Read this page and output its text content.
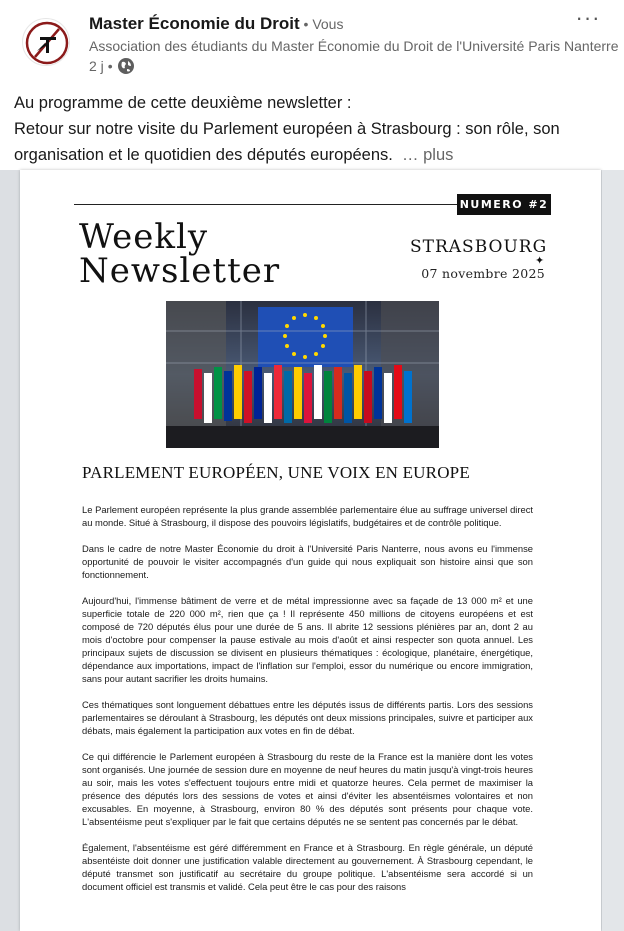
Master Économie du Droit • Vous
Association des étudiants du Master Économie du Droit de l'Université Paris Nanterre
2 j •
···
Au programme de cette deuxième newsletter :
Retour sur notre visite du Parlement européen à Strasbourg : son rôle, son organisation et le quotidien des députés européens. … plus
NUMERO #2
Weekly
Newsletter
STRASBOURG
✦
07 novembre 2025
PARLEMENT EUROPÉEN, UNE VOIX EN EUROPE

Le Parlement européen représente la plus grande assemblée parlementaire élue au suffrage universel direct au monde. Situé à Strasbourg, il dispose des pouvoirs législatifs, budgétaires et de contrôle politique.

Dans le cadre de notre Master Économie du droit à l'Université Paris Nanterre, nous avons eu l'immense opportunité de pouvoir le visiter accompagnés d'un guide qui nous expliquait son histoire ainsi que son fonctionnement.

Aujourd'hui, l'immense bâtiment de verre et de métal impressionne avec sa façade de 13 000 m² et une superficie totale de 220 000 m², rien que ça ! Il représente 450 millions de citoyens européens et est composé de 720 députés élus pour une durée de 5 ans. Il abrite 12 sessions plénières par an, dont 2 au mois d'octobre pour compenser la pause estivale au mois d'août et ainsi respecter son quota annuel. Les principaux sujets de discussion se divisent en plusieurs thématiques : écologique, planétaire, énergétique, dépendance aux importations, impact de l'inflation sur l'emploi, essor du numérique ou encore immigration, sans pour autant sacrifier les droits humains.

Ces thématiques sont longuement débattues entre les députés issus de différents partis. Lors des sessions parlementaires se déroulant à Strasbourg, les députés ont deux missions principales, suivre et participer aux débats, mais également la participation aux votes en fin de débat.

Ce qui différencie le Parlement européen à Strasbourg du reste de la France est la manière dont les votes sont organisés. Une journée de session dure en moyenne de neuf heures du matin jusqu'à vingt-trois heures au soir, mais les votes s'effectuent toujours entre midi et quatorze heures. Cela permet de maximiser la présence des députés lors des sessions de votes et ainsi d'éviter les absentéismes volontaires et non excusables. En moyenne, à Strasbourg, environ 80 % des députés sont présents pour chaque vote. L'absentéisme peut s'expliquer par le fait que certains députés ne se sentent pas concernés par le débat.

Également, l'absentéisme est géré différemment en France et à Strasbourg. En règle générale, un député absentéiste doit donner une justification valable directement au gouvernement. À Strasbourg cependant, le député transmet son justificatif au secrétaire du groupe politique. L'absentéisme sera accordé si un document officiel est transmis et validé. Cela peut être le cas pour des raisons
